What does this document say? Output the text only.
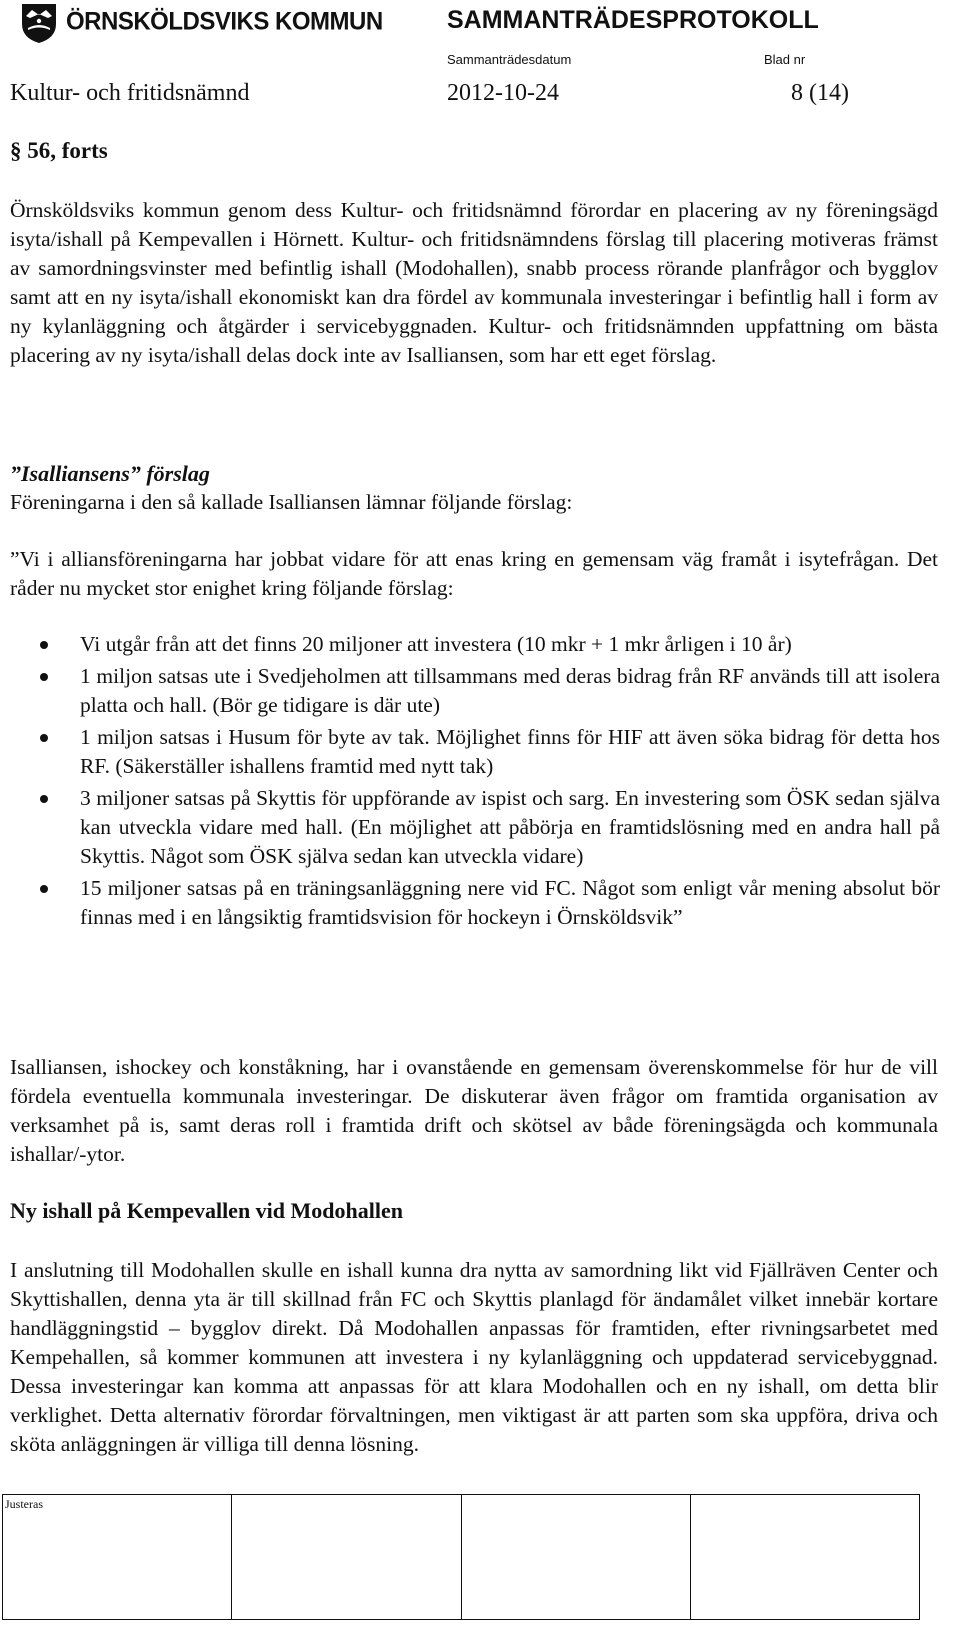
ÖRNSKÖLDSVIKS KOMMUN	SAMMANTRÄDESPROTOKOLL
Sammanträdesdatum	Blad nr
Kultur- och fritidsnämnd	2012-10-24	8 (14)
§ 56, forts

Örnsköldsviks kommun genom dess Kultur- och fritidsnämnd förordar en placering av ny föreningsägd isyta/ishall på Kempevallen i Hörnett. Kultur- och fritidsnämndens förslag till placering motiveras främst av samordningsvinster med befintlig ishall (Modohallen), snabb process rörande planfrågor och bygglov samt att en ny isyta/ishall ekonomiskt kan dra fördel av kommunala investeringar i befintlig hall i form av ny kylanläggning och åtgärder i servicebyggnaden. Kultur- och fritidsnämnden uppfattning om bästa placering av ny isyta/ishall delas dock inte av Isalliansen, som har ett eget förslag.

”Isalliansens” förslag

Föreningarna i den så kallade Isalliansen lämnar följande förslag:

”Vi i alliansföreningarna har jobbat vidare för att enas kring en gemensam väg framåt i isytefrågan. Det råder nu mycket stor enighet kring följande förslag:

Vi utgår från att det finns 20 miljoner att investera (10 mkr + 1 mkr årligen i 10 år)
1 miljon satsas ute i Svedjeholmen att tillsammans med deras bidrag från RF används till att isolera platta och hall. (Bör ge tidigare is där ute)
1 miljon satsas i Husum för byte av tak. Möjlighet finns för HIF att även söka bidrag för detta hos RF. (Säkerställer ishallens framtid med nytt tak)
3 miljoner satsas på Skyttis för uppförande av ispist och sarg. En investering som ÖSK sedan själva kan utveckla vidare med hall. (En möjlighet att påbörja en framtidslösning med en andra hall på Skyttis. Något som ÖSK själva sedan kan utveckla vidare)
15 miljoner satsas på en träningsanläggning nere vid FC. Något som enligt vår mening absolut bör finnas med i en långsiktig framtidsvision för hockeyn i Örnsköldsvik”

Isalliansen, ishockey och konståkning, har i ovanstående en gemensam överenskommelse för hur de vill fördela eventuella kommunala investeringar. De diskuterar även frågor om framtida organisation av verksamhet på is, samt deras roll i framtida drift och skötsel av både föreningsägda och kommunala ishallar/-ytor.

Ny ishall på Kempevallen vid Modohallen

I anslutning till Modohallen skulle en ishall kunna dra nytta av samordning likt vid Fjällräven Center och Skyttishallen, denna yta är till skillnad från FC och Skyttis planlagd för ändamålet vilket innebär kortare handläggningstid – bygglov direkt. Då Modohallen anpassas för framtiden, efter rivningsarbetet med Kempehallen, så kommer kommunen att investera i ny kylanläggning och uppdaterad servicebyggnad. Dessa investeringar kan komma att anpassas för att klara Modohallen och en ny ishall, om detta blir verklighet. Detta alternativ förordar förvaltningen, men viktigast är att parten som ska uppföra, driva och sköta anläggningen är villiga till denna lösning.

Justeras			
